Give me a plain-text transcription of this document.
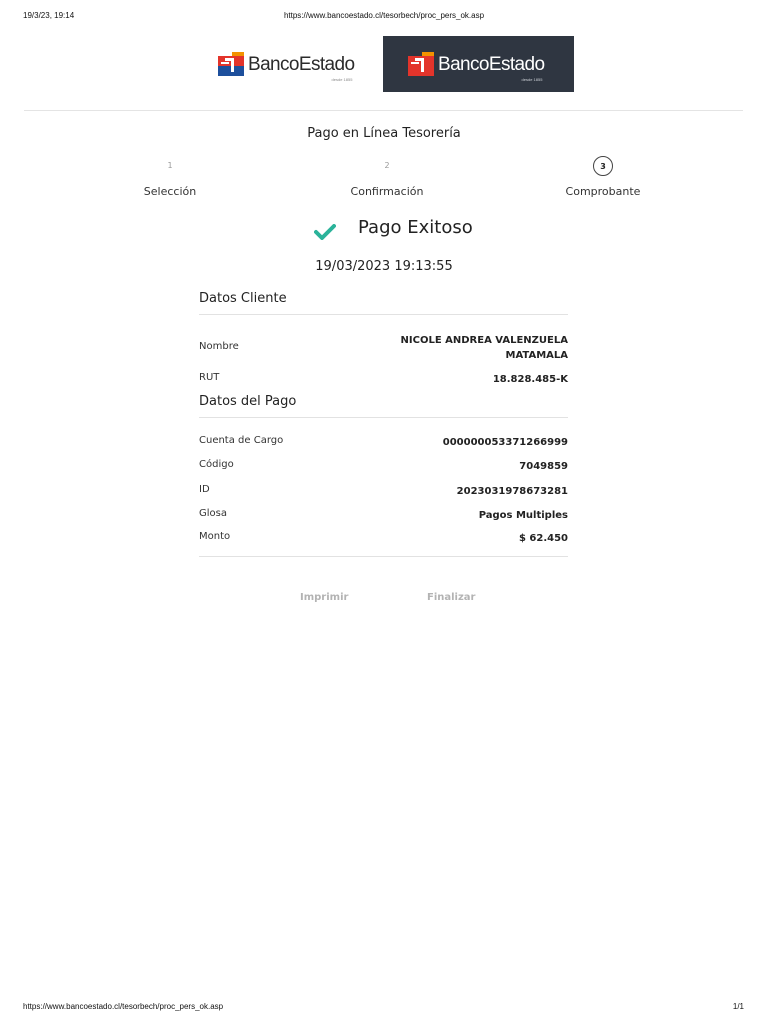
19/3/23, 19:14	https://www.bancoestado.cl/tesorbech/proc_pers_ok.asp
BancoEstado
desde 1855
BancoEstado
desde 1855
Pago en Línea Tesorería
1
Selección
2
Confirmación
3
Comprobante
Pago Exitoso
19/03/2023 19:13:55
Datos Cliente
Nombre
NICOLE ANDREA VALENZUELA
MATAMALA
RUT	18.828.485-K
Datos del Pago
Cuenta de Cargo	000000053371266999
Código	7049859
ID	2023031978673281
Glosa	Pagos Multiples
Monto	$ 62.450
Imprimir	Finalizar
https://www.bancoestado.cl/tesorbech/proc_pers_ok.asp	1/1
